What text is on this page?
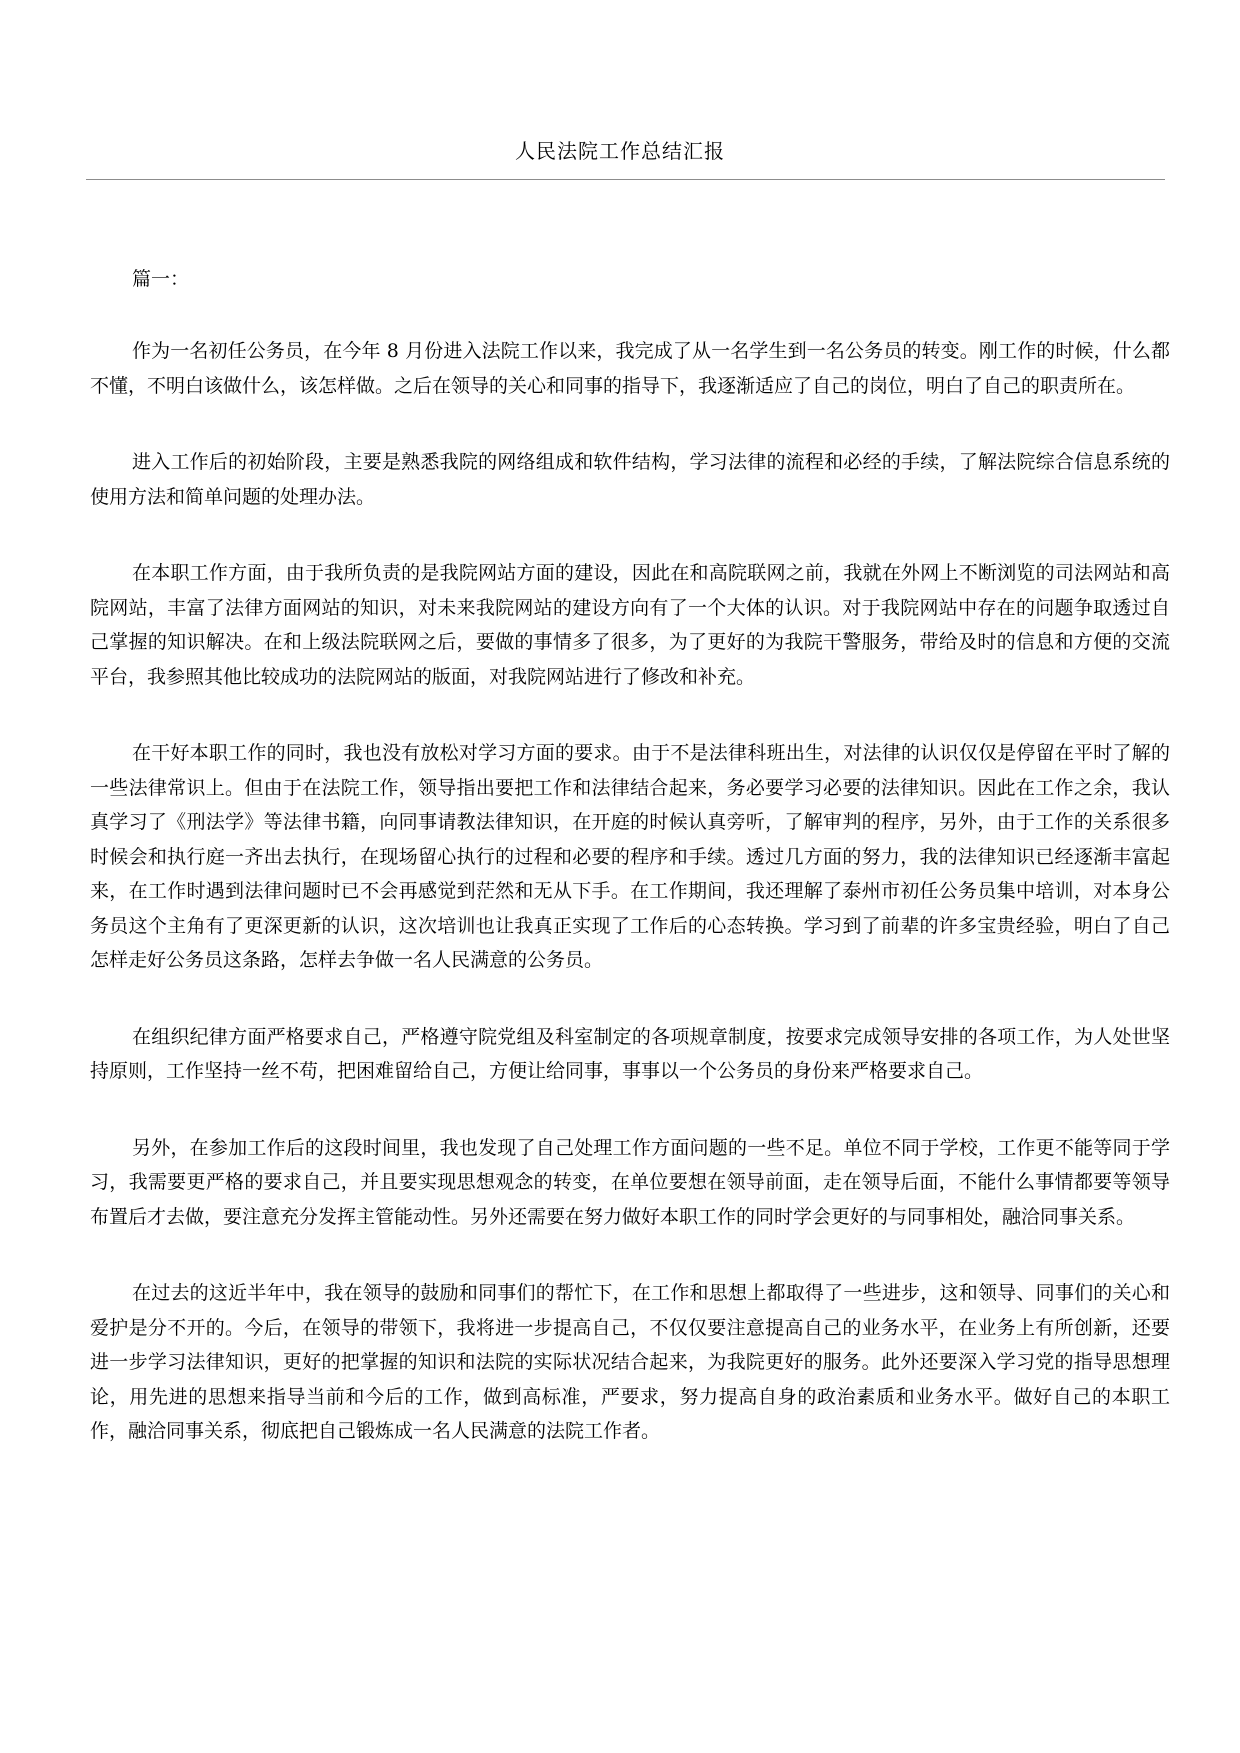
人民法院工作总结汇报

篇一：

作为一名初任公务员，在今年 8 月份进入法院工作以来，我完成了从一名学生到一名公务员的转变。刚工作的时候，什么都不懂，不明白该做什么，该怎样做。之后在领导的关心和同事的指导下，我逐渐适应了自己的岗位，明白了自己的职责所在。

进入工作后的初始阶段，主要是熟悉我院的网络组成和软件结构，学习法律的流程和必经的手续，了解法院综合信息系统的使用方法和简单问题的处理办法。

在本职工作方面，由于我所负责的是我院网站方面的建设，因此在和高院联网之前，我就在外网上不断浏览的司法网站和高院网站，丰富了法律方面网站的知识，对未来我院网站的建设方向有了一个大体的认识。对于我院网站中存在的问题争取透过自己掌握的知识解决。在和上级法院联网之后，要做的事情多了很多，为了更好的为我院干警服务，带给及时的信息和方便的交流平台，我参照其他比较成功的法院网站的版面，对我院网站进行了修改和补充。

在干好本职工作的同时，我也没有放松对学习方面的要求。由于不是法律科班出生，对法律的认识仅仅是停留在平时了解的一些法律常识上。但由于在法院工作，领导指出要把工作和法律结合起来，务必要学习必要的法律知识。因此在工作之余，我认真学习了《刑法学》等法律书籍，向同事请教法律知识，在开庭的时候认真旁听，了解审判的程序，另外，由于工作的关系很多时候会和执行庭一齐出去执行，在现场留心执行的过程和必要的程序和手续。透过几方面的努力，我的法律知识已经逐渐丰富起来，在工作时遇到法律问题时已不会再感觉到茫然和无从下手。在工作期间，我还理解了泰州市初任公务员集中培训，对本身公务员这个主角有了更深更新的认识，这次培训也让我真正实现了工作后的心态转换。学习到了前辈的许多宝贵经验，明白了自己怎样走好公务员这条路，怎样去争做一名人民满意的公务员。

在组织纪律方面严格要求自己，严格遵守院党组及科室制定的各项规章制度，按要求完成领导安排的各项工作，为人处世坚持原则，工作坚持一丝不苟，把困难留给自己，方便让给同事，事事以一个公务员的身份来严格要求自己。

另外，在参加工作后的这段时间里，我也发现了自己处理工作方面问题的一些不足。单位不同于学校，工作更不能等同于学习，我需要更严格的要求自己，并且要实现思想观念的转变，在单位要想在领导前面，走在领导后面，不能什么事情都要等领导布置后才去做，要注意充分发挥主管能动性。另外还需要在努力做好本职工作的同时学会更好的与同事相处，融洽同事关系。

在过去的这近半年中，我在领导的鼓励和同事们的帮忙下，在工作和思想上都取得了一些进步，这和领导、同事们的关心和爱护是分不开的。今后，在领导的带领下，我将进一步提高自己，不仅仅要注意提高自己的业务水平，在业务上有所创新，还要进一步学习法律知识，更好的把掌握的知识和法院的实际状况结合起来，为我院更好的服务。此外还要深入学习党的指导思想理论，用先进的思想来指导当前和今后的工作，做到高标准，严要求，努力提高自身的政治素质和业务水平。做好自己的本职工作，融洽同事关系，彻底把自己锻炼成一名人民满意的法院工作者。
